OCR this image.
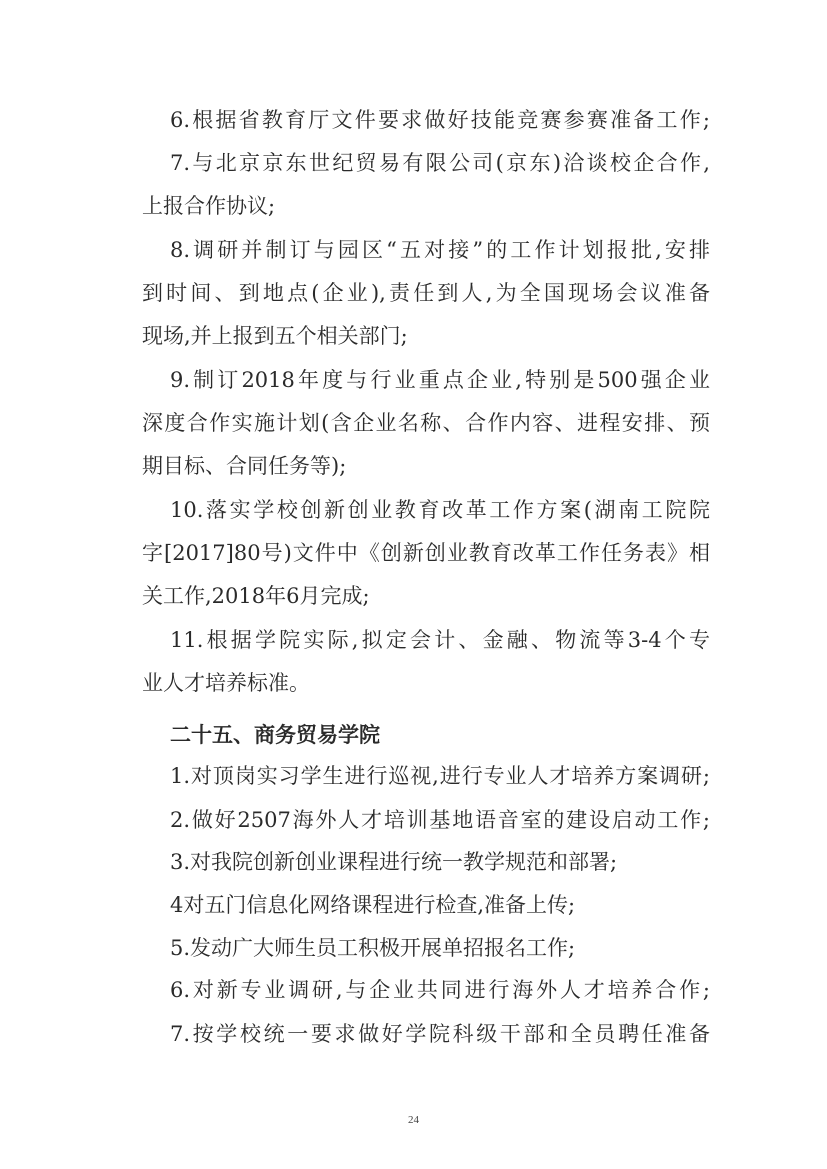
6.根据省教育厅文件要求做好技能竞赛参赛准备工作;
7.与北京京东世纪贸易有限公司(京东)洽谈校企合作,
上报合作协议;
8.调研并制订与园区“五对接”的工作计划报批,安排
到时间、到地点(企业),责任到人,为全国现场会议准备
现场,并上报到五个相关部门;
9.制订2018年度与行业重点企业,特别是500强企业
深度合作实施计划(含企业名称、合作内容、进程安排、预
期目标、合同任务等);
10.落实学校创新创业教育改革工作方案(湖南工院院
字[2017]80号)文件中《创新创业教育改革工作任务表》相
关工作,2018年6月完成;
11.根据学院实际,拟定会计、金融、物流等3-4个专
业人才培养标准。
二十五、商务贸易学院
1.对顶岗实习学生进行巡视,进行专业人才培养方案调研;
2.做好2507海外人才培训基地语音室的建设启动工作;
3.对我院创新创业课程进行统一教学规范和部署;
4对五门信息化网络课程进行检查,准备上传;
5.发动广大师生员工积极开展单招报名工作;
6.对新专业调研,与企业共同进行海外人才培养合作;
7.按学校统一要求做好学院科级干部和全员聘任准备
24
